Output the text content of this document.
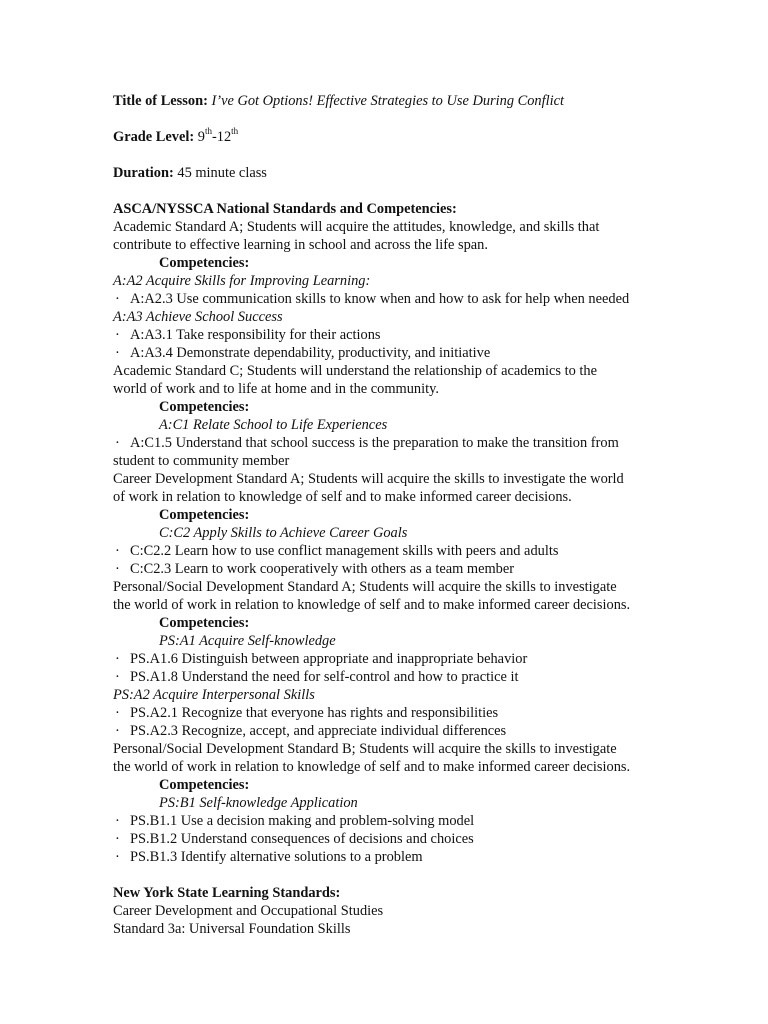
Title of Lesson: I’ve Got Options! Effective Strategies to Use During Conflict
Grade Level: 9th-12th
Duration: 45 minute class
ASCA/NYSSCA National Standards and Competencies:
Academic Standard A; Students will acquire the attitudes, knowledge, and skills that
contribute to effective learning in school and across the life span.
Competencies:
A:A2 Acquire Skills for Improving Learning:
· A:A2.3 Use communication skills to know when and how to ask for help when needed
A:A3 Achieve School Success
· A:A3.1 Take responsibility for their actions
· A:A3.4 Demonstrate dependability, productivity, and initiative
Academic Standard C; Students will understand the relationship of academics to the
world of work and to life at home and in the community.
Competencies:
A:C1 Relate School to Life Experiences
· A:C1.5 Understand that school success is the preparation to make the transition from
student to community member
Career Development Standard A; Students will acquire the skills to investigate the world
of work in relation to knowledge of self and to make informed career decisions.
Competencies:
C:C2 Apply Skills to Achieve Career Goals
· C:C2.2 Learn how to use conflict management skills with peers and adults
· C:C2.3 Learn to work cooperatively with others as a team member
Personal/Social Development Standard A; Students will acquire the skills to investigate
the world of work in relation to knowledge of self and to make informed career decisions.
Competencies:
PS:A1 Acquire Self-knowledge
· PS.A1.6 Distinguish between appropriate and inappropriate behavior
· PS.A1.8 Understand the need for self-control and how to practice it
PS:A2 Acquire Interpersonal Skills
· PS.A2.1 Recognize that everyone has rights and responsibilities
· PS.A2.3 Recognize, accept, and appreciate individual differences
Personal/Social Development Standard B; Students will acquire the skills to investigate
the world of work in relation to knowledge of self and to make informed career decisions.
Competencies:
PS:B1 Self-knowledge Application
· PS.B1.1 Use a decision making and problem-solving model
· PS.B1.2 Understand consequences of decisions and choices
· PS.B1.3 Identify alternative solutions to a problem
New York State Learning Standards:
Career Development and Occupational Studies
Standard 3a: Universal Foundation Skills
